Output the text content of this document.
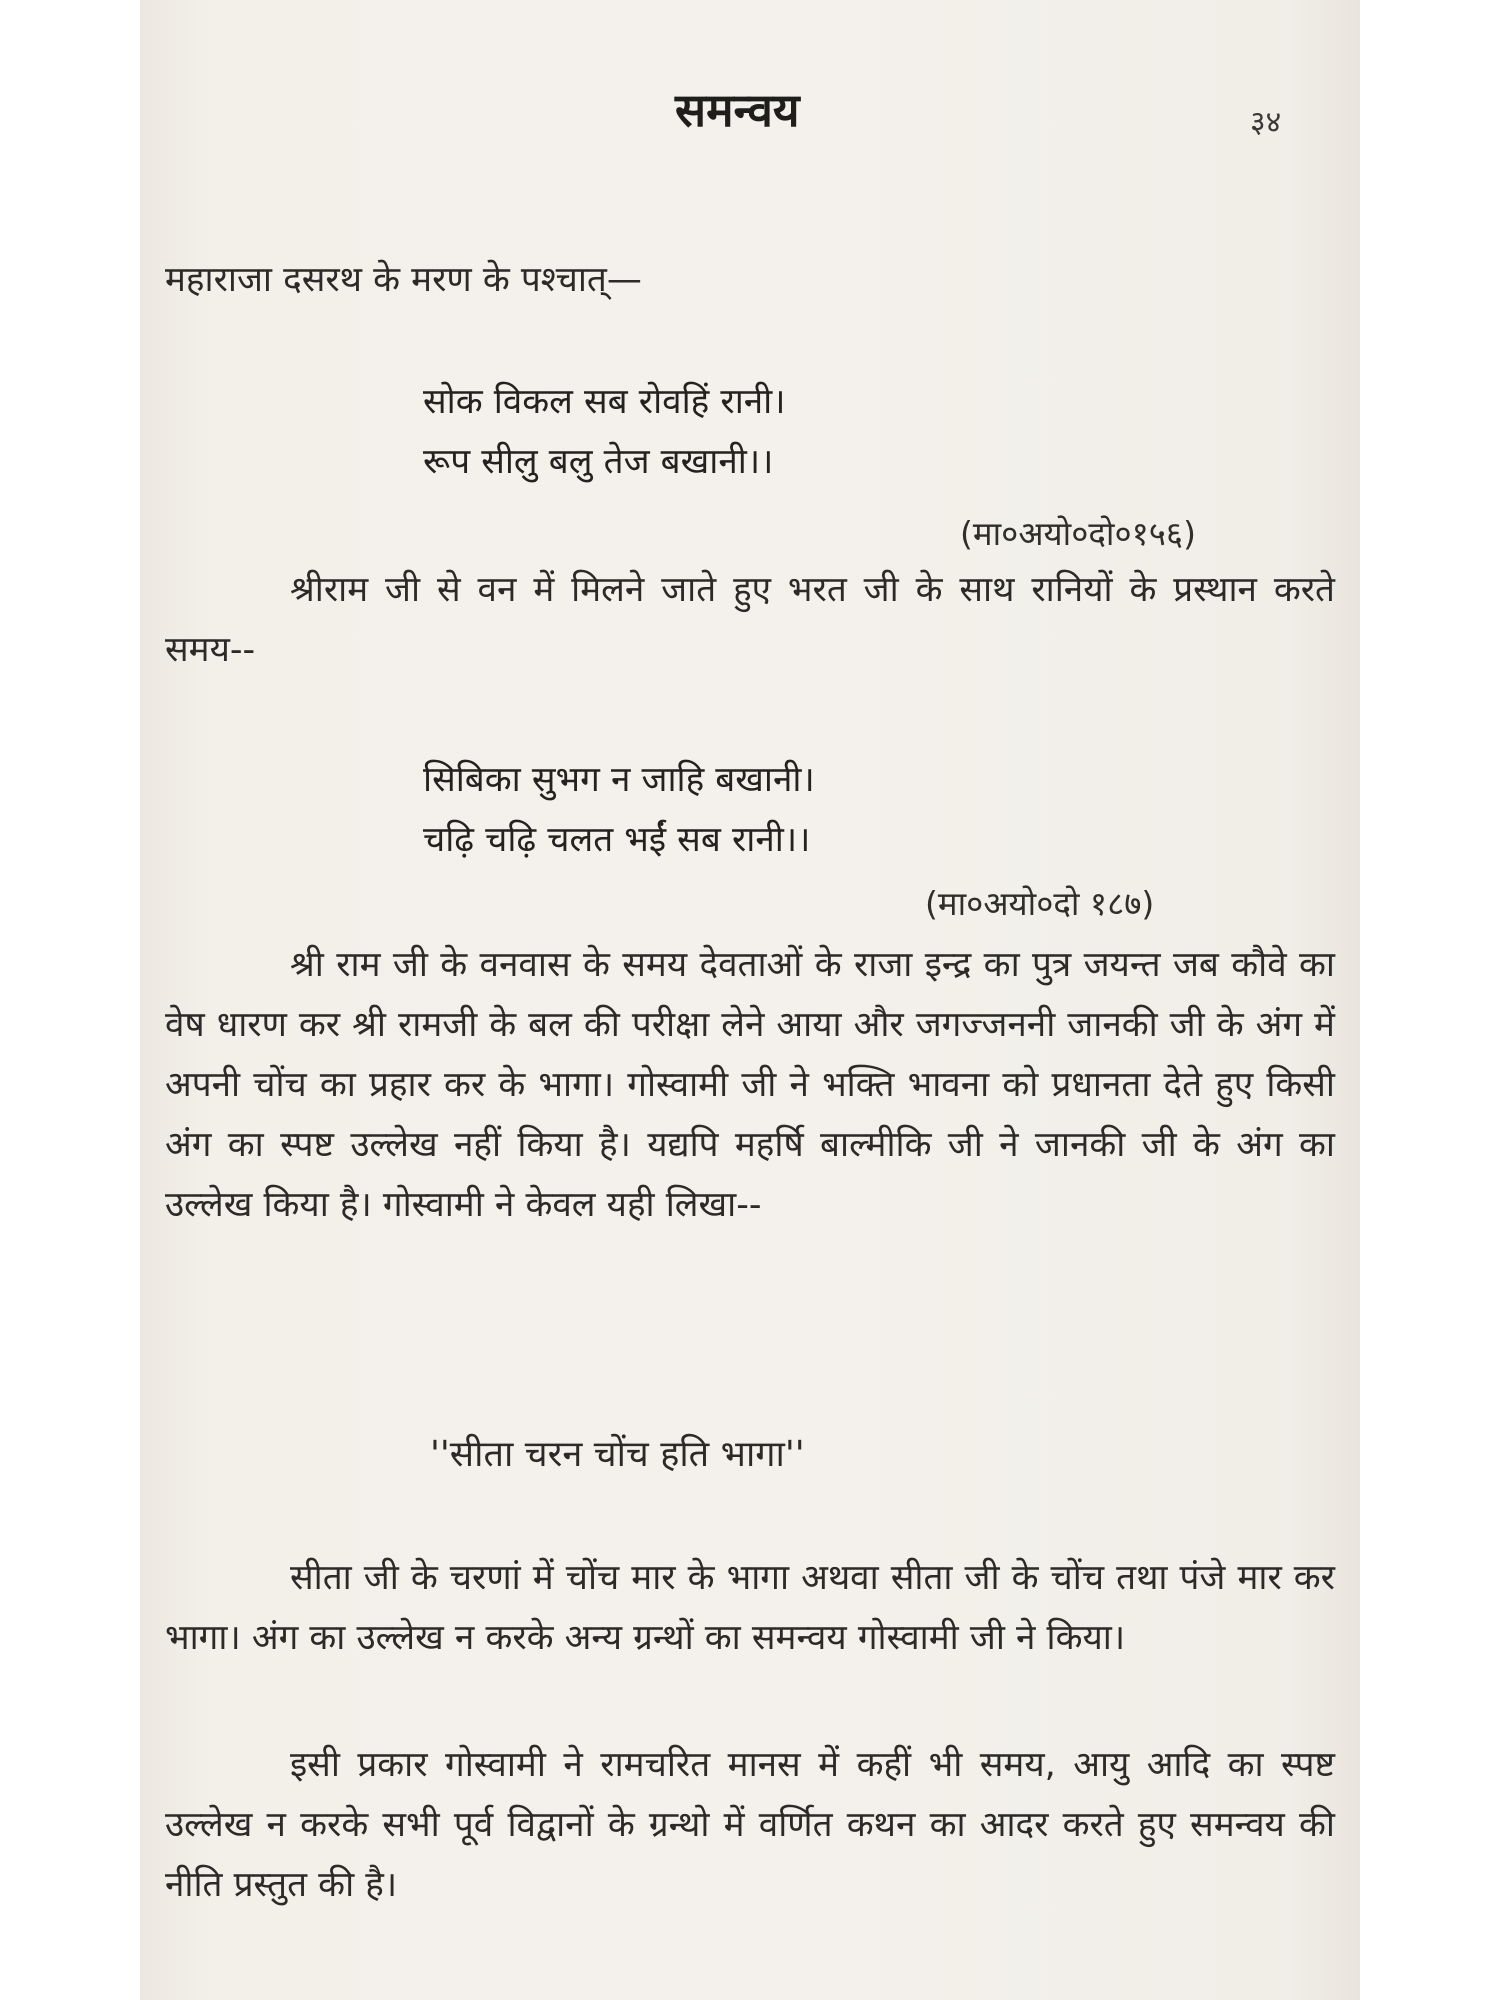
समन्वय	३४
महाराजा दसरथ के मरण के पश्चात्—
सोक विकल सब रोवहिं रानी।
रूप सीलु बलु तेज बखानी।।
(मा०अयो०दो०१५६)
श्रीराम जी से वन में मिलने जाते हुए भरत जी के साथ रानियों के प्रस्थान करते समय--
सिबिका सुभग न जाहि बखानी।
चढ़ि चढ़ि चलत भईं सब रानी।।
(मा०अयो०दो १८७)
श्री राम जी के वनवास के समय देवताओं के राजा इन्द्र का पुत्र जयन्त जब कौवे का वेष धारण कर श्री रामजी के बल की परीक्षा लेने आया और जगज्जननी जानकी जी के अंग में अपनी चोंच का प्रहार कर के भागा। गोस्वामी जी ने भक्ति भावना को प्रधानता देते हुए किसी अंग का स्पष्ट उल्लेख नहीं किया है। यद्यपि महर्षि बाल्मीकि जी ने जानकी जी के अंग का उल्लेख किया है। गोस्वामी ने केवल यही लिखा--
''सीता चरन चोंच हति भागा''
सीता जी के चरणां में चोंच मार के भागा अथवा सीता जी के चोंच तथा पंजे मार कर भागा। अंग का उल्लेख न करके अन्य ग्रन्थों का समन्वय गोस्वामी जी ने किया।
इसी प्रकार गोस्वामी ने रामचरित मानस में कहीं भी समय, आयु आदि का स्पष्ट उल्लेख न करके सभी पूर्व विद्वानों के ग्रन्थो में वर्णित कथन का आदर करते हुए समन्वय की नीति प्रस्तुत की है।
